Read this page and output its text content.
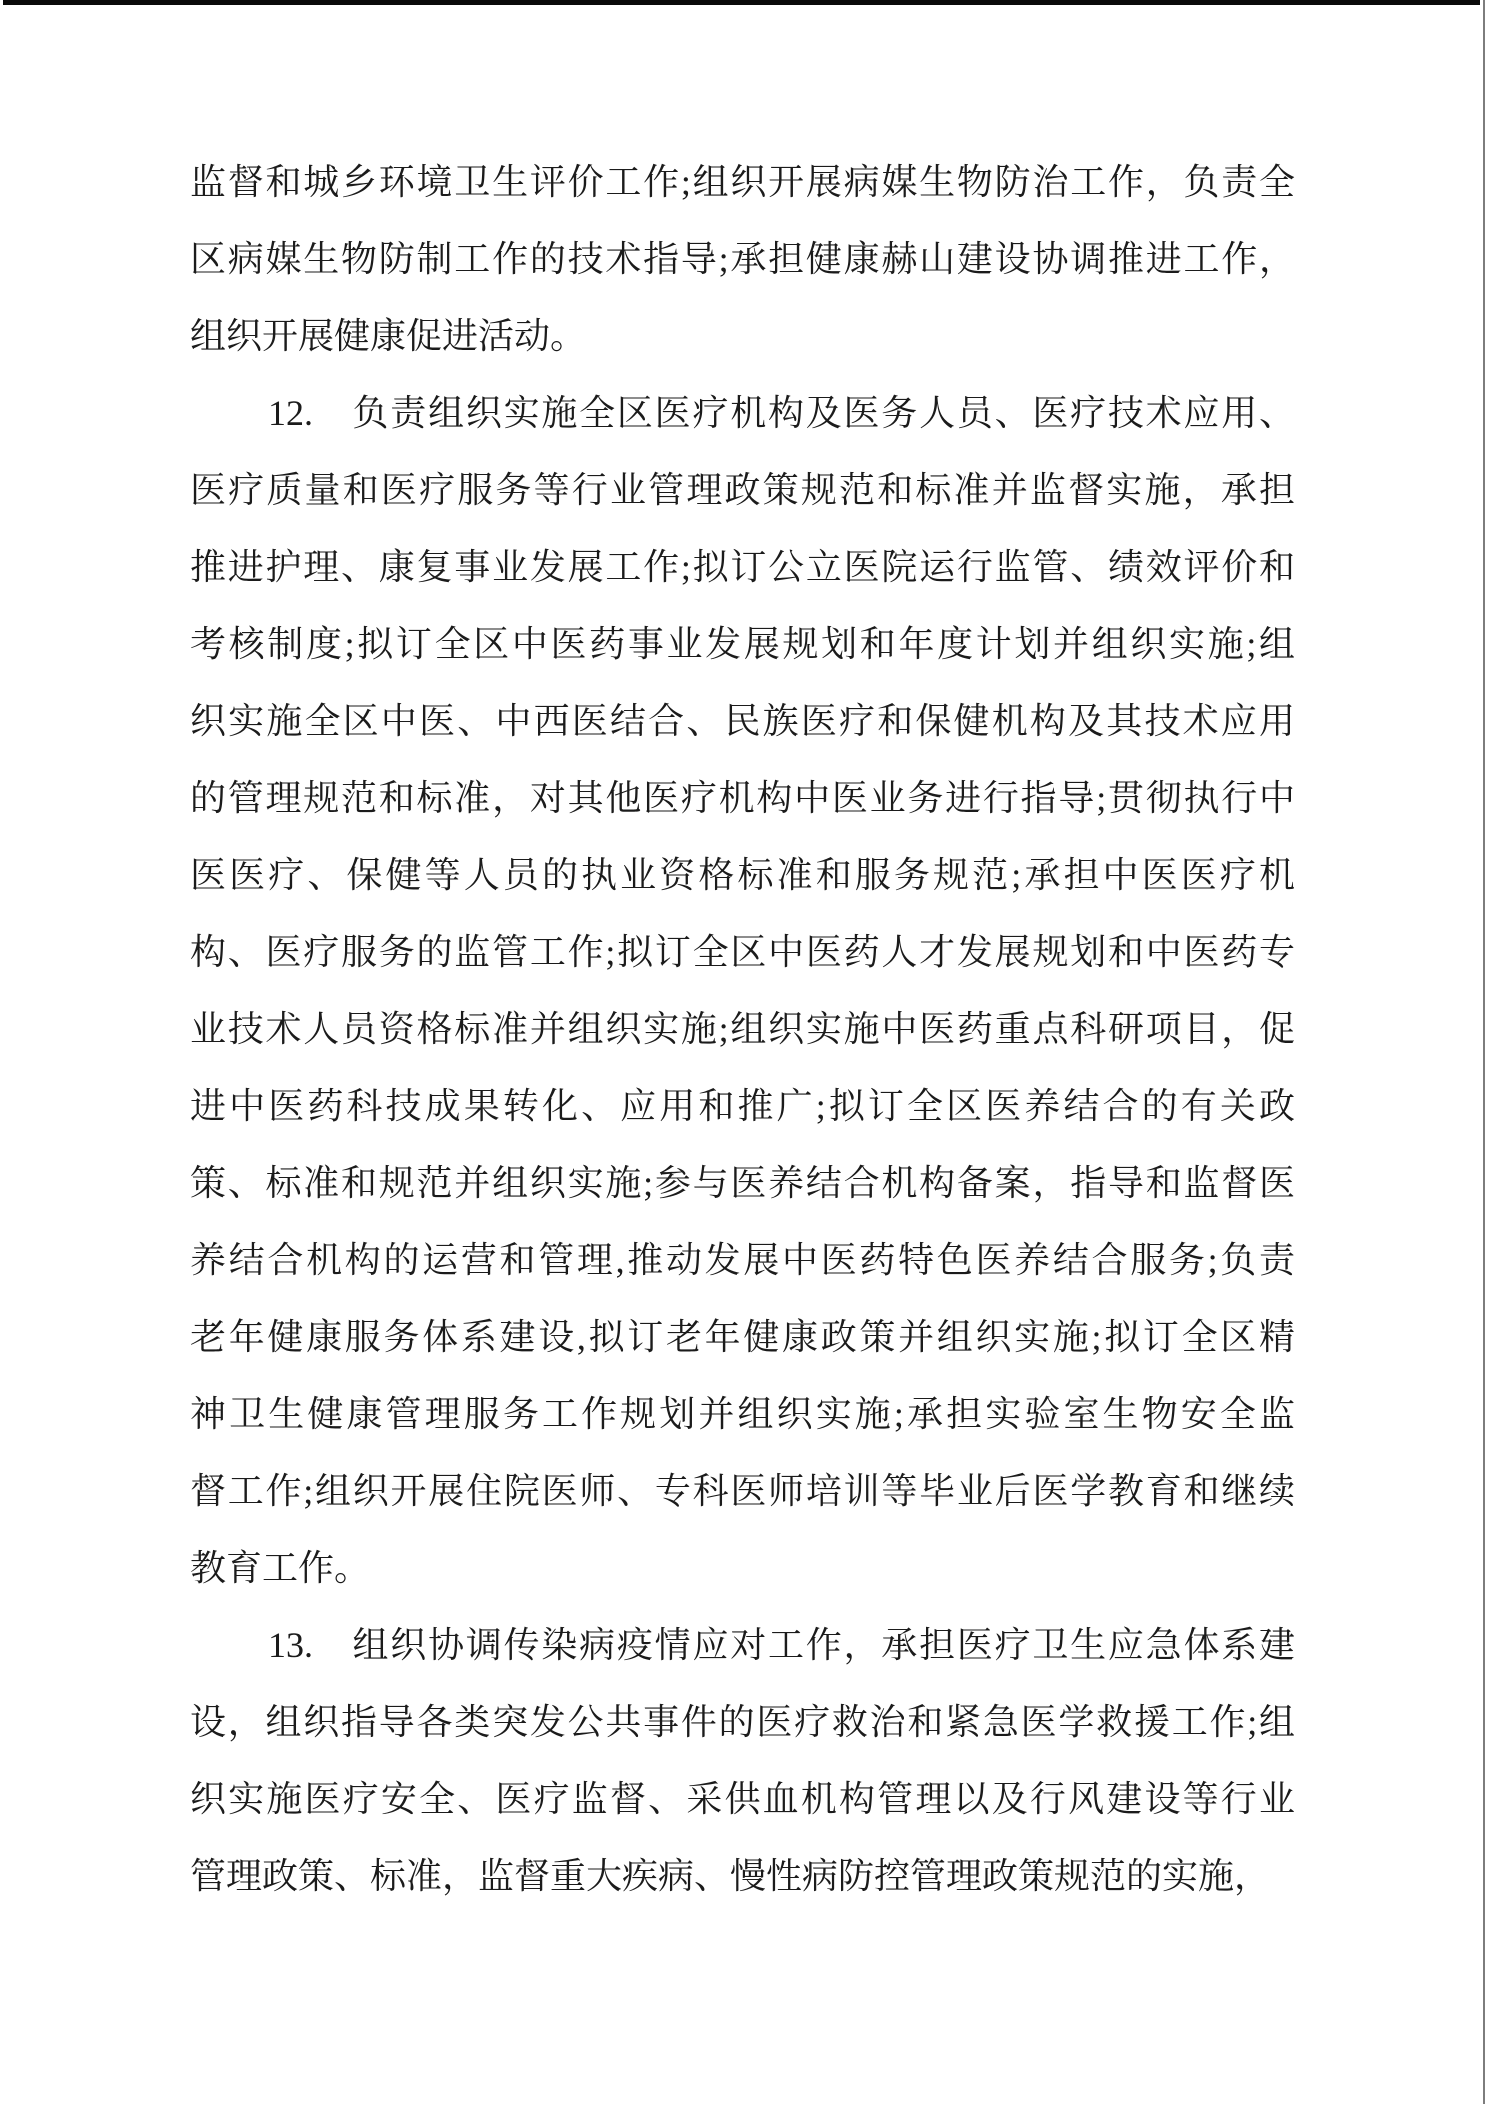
监督和城乡环境卫生评价工作;组织开展病媒生物防治工作，负责全
区病媒生物防制工作的技术指导;承担健康赫山建设协调推进工作，
组织开展健康促进活动。
12.　负责组织实施全区医疗机构及医务人员、医疗技术应用、
医疗质量和医疗服务等行业管理政策规范和标准并监督实施，承担
推进护理、康复事业发展工作;拟订公立医院运行监管、绩效评价和
考核制度;拟订全区中医药事业发展规划和年度计划并组织实施;组
织实施全区中医、中西医结合、民族医疗和保健机构及其技术应用
的管理规范和标准，对其他医疗机构中医业务进行指导;贯彻执行中
医医疗、保健等人员的执业资格标准和服务规范;承担中医医疗机
构、医疗服务的监管工作;拟订全区中医药人才发展规划和中医药专
业技术人员资格标准并组织实施;组织实施中医药重点科研项目，促
进中医药科技成果转化、应用和推广;拟订全区医养结合的有关政
策、标准和规范并组织实施;参与医养结合机构备案，指导和监督医
养结合机构的运营和管理,推动发展中医药特色医养结合服务;负责
老年健康服务体系建设,拟订老年健康政策并组织实施;拟订全区精
神卫生健康管理服务工作规划并组织实施;承担实验室生物安全监
督工作;组织开展住院医师、专科医师培训等毕业后医学教育和继续
教育工作。
13.　组织协调传染病疫情应对工作，承担医疗卫生应急体系建
设，组织指导各类突发公共事件的医疗救治和紧急医学救援工作;组
织实施医疗安全、医疗监督、采供血机构管理以及行风建设等行业
管理政策、标准，监督重大疾病、慢性病防控管理政策规范的实施，
